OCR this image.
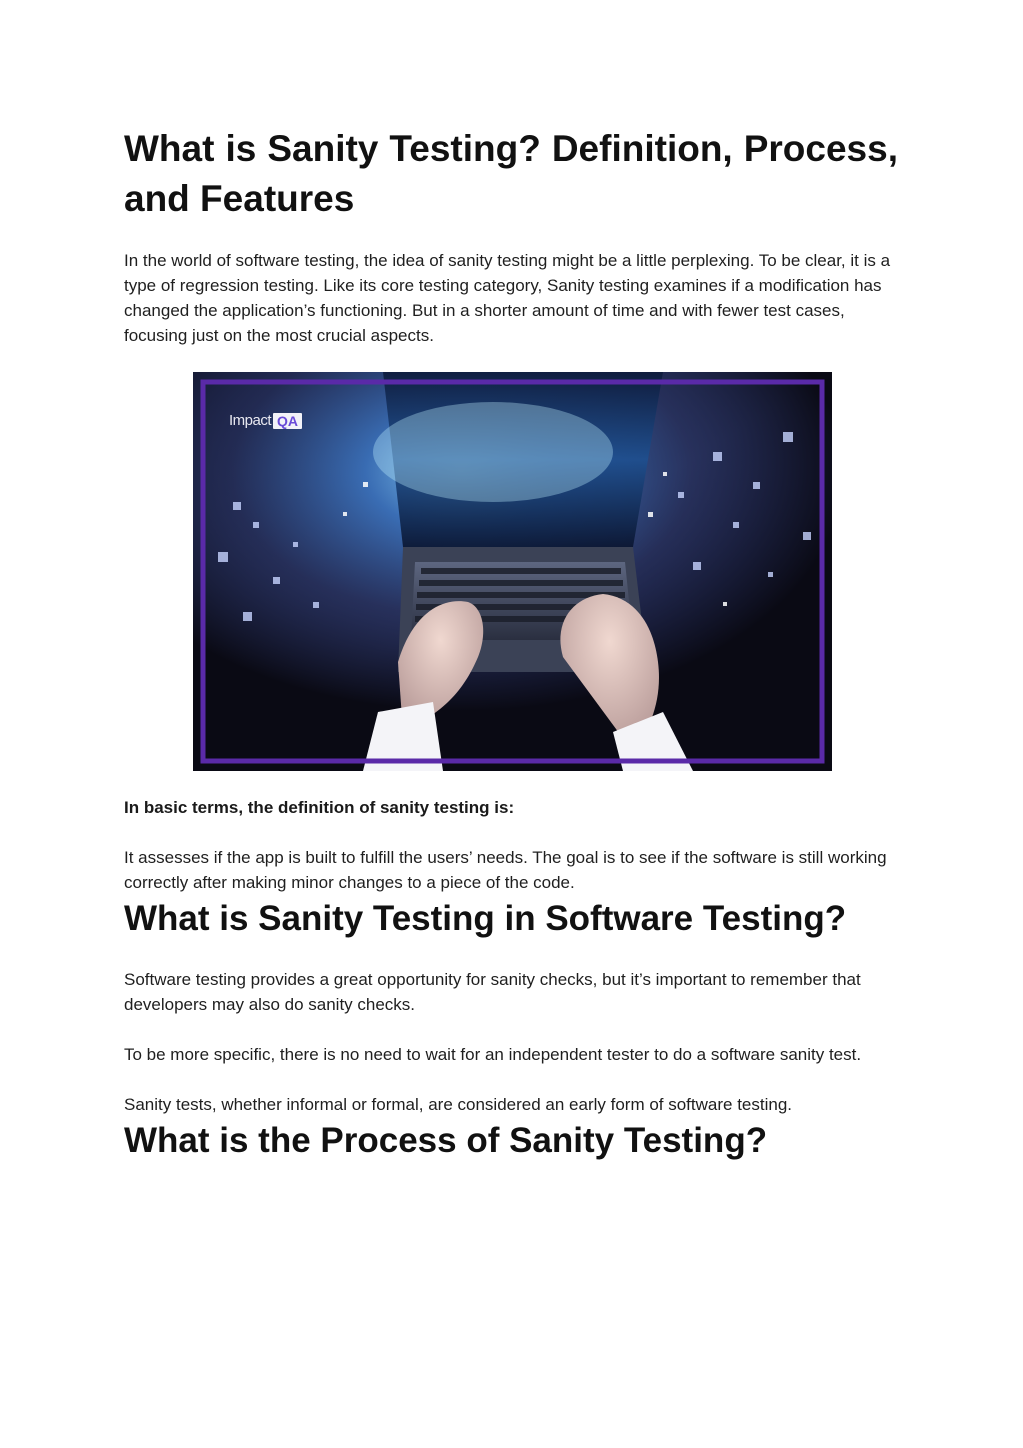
What is Sanity Testing? Definition, Process, and Features

In the world of software testing, the idea of sanity testing might be a little perplexing. To be clear, it is a type of regression testing. Like its core testing category, Sanity testing examines if a modification has changed the application’s functioning. But in a shorter amount of time and with fewer test cases, focusing just on the most crucial aspects.

Impact QA

In basic terms, the definition of sanity testing is:

It assesses if the app is built to fulfill the users’ needs. The goal is to see if the software is still working correctly after making minor changes to a piece of the code.

What is Sanity Testing in Software Testing?

Software testing provides a great opportunity for sanity checks, but it’s important to remember that developers may also do sanity checks.

To be more specific, there is no need to wait for an independent tester to do a software sanity test.

Sanity tests, whether informal or formal, are considered an early form of software testing.

What is the Process of Sanity Testing?
